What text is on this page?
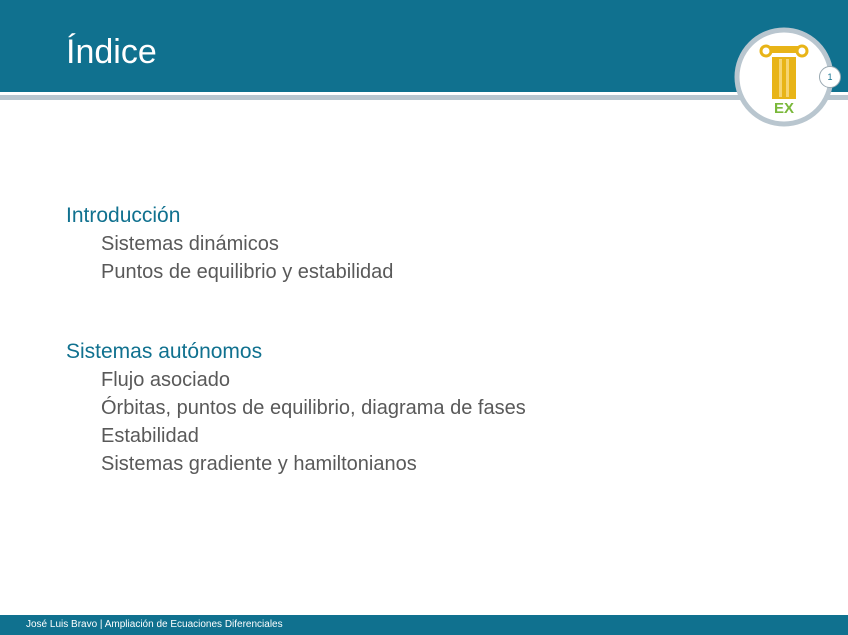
Índice
EX
1
Introducción
Sistemas dinámicos
Puntos de equilibrio y estabilidad
Sistemas autónomos
Flujo asociado
Órbitas, puntos de equilibrio, diagrama de fases
Estabilidad
Sistemas gradiente y hamiltonianos
José Luis Bravo | Ampliación de Ecuaciones Diferenciales
